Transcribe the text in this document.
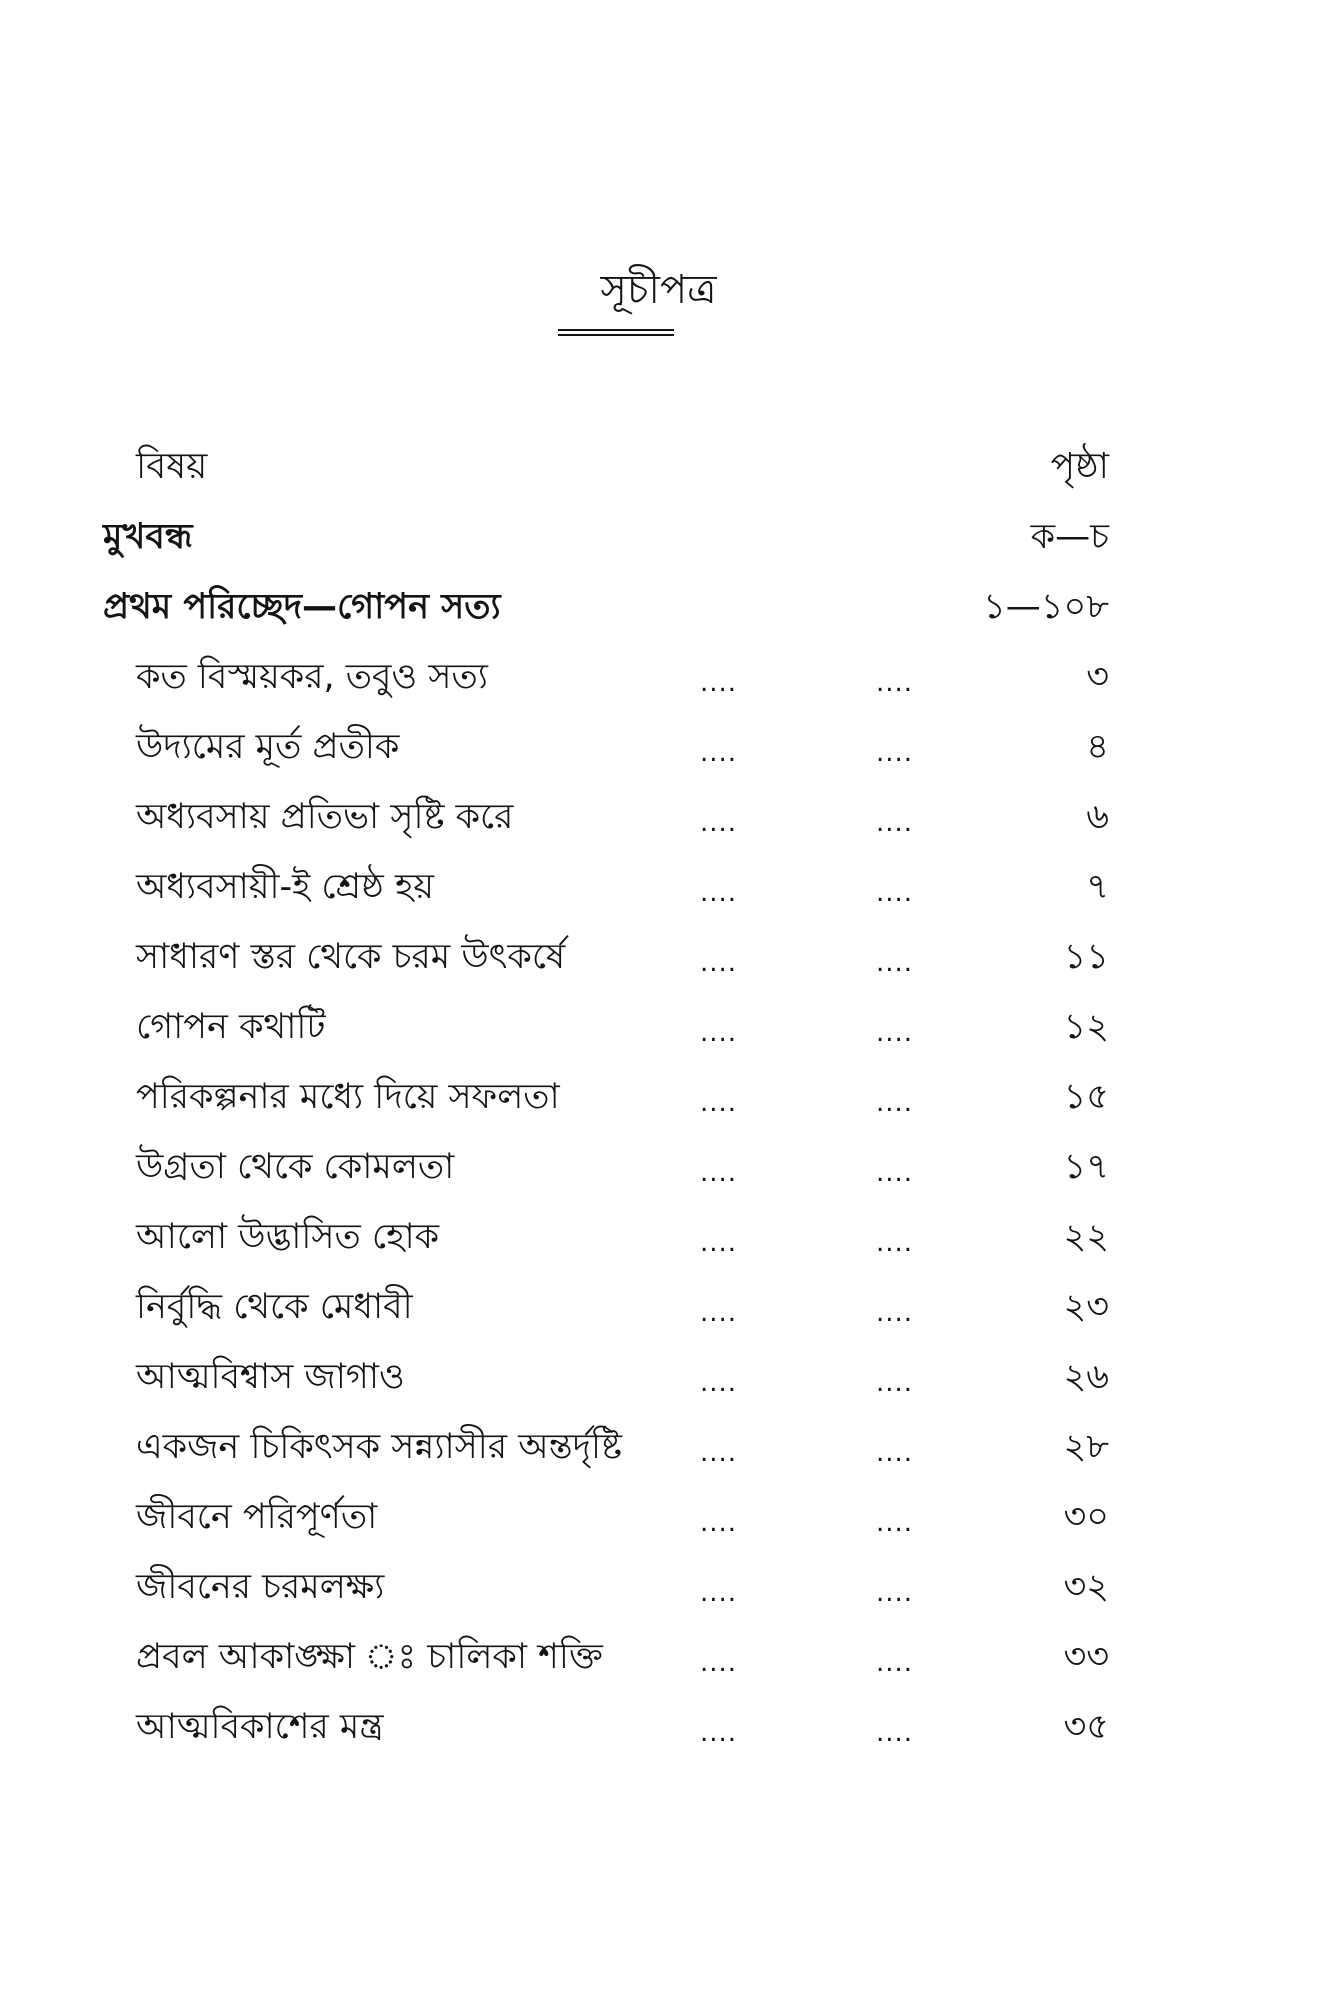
সূচীপত্র
বিষয়	পৃষ্ঠা
মুখবন্ধ	ক—চ
প্রথম পরিচ্ছেদ—গোপন সত্য	১—১০৮
কত বিস্ময়কর, তবুও সত্য	....	....	৩
উদ্যমের মূর্ত প্রতীক	....	....	৪
অধ্যবসায় প্রতিভা সৃষ্টি করে	....	....	৬
অধ্যবসায়ী-ই শ্রেষ্ঠ হয়	....	....	৭
সাধারণ স্তর থেকে চরম উৎকর্ষে	....	....	১১
গোপন কথাটি	....	....	১২
পরিকল্পনার মধ্যে দিয়ে সফলতা	....	....	১৫
উগ্রতা থেকে কোমলতা	....	....	১৭
আলো উদ্ভাসিত হোক	....	....	২২
নির্বুদ্ধি থেকে মেধাবী	....	....	২৩
আত্মবিশ্বাস জাগাও	....	....	২৬
একজন চিকিৎসক সন্ন্যাসীর অন্তর্দৃষ্টি	....	....	২৮
জীবনে পরিপূর্ণতা	....	....	৩০
জীবনের চরমলক্ষ্য	....	....	৩২
প্রবল আকাঙ্ক্ষা ঃ চালিকা শক্তি	....	....	৩৩
আত্মবিকাশের মন্ত্র	....	....	৩৫
